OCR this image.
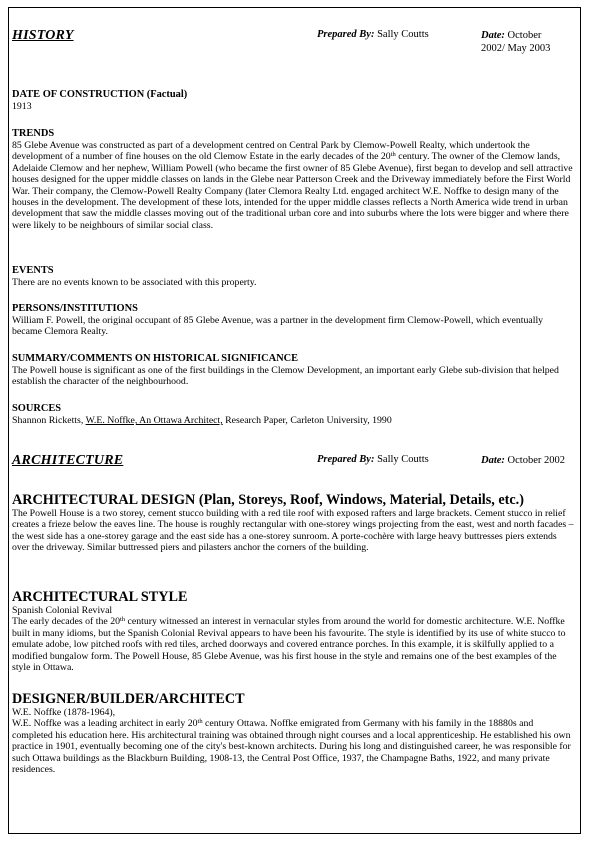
HISTORY	Prepared By: Sally Coutts	Date: October
2002/ May 2003
DATE OF CONSTRUCTION (Factual)

1913

TRENDS

85 Glebe Avenue was constructed as part of a development centred on Central Park by Clemow-Powell Realty, which undertook the development of a number of fine houses on the old Clemow Estate in the early decades of the 20th century. The owner of the Clemow lands, Adelaide Clemow and her nephew, William Powell (who became the first owner of 85 Glebe Avenue), first began to develop and sell attractive houses designed for the upper middle classes on lands in the Glebe near Patterson Creek and the Driveway immediately before the First World War. Their company, the Clemow-Powell Realty Company (later Clemora Realty Ltd. engaged architect W.E. Noffke to design many of the houses in the development. The development of these lots, intended for the upper middle classes reflects a North America wide trend in urban development that saw the middle classes moving out of the traditional urban core and into suburbs where the lots were bigger and where there were likely to be neighbours of similar social class.

EVENTS

There are no events known to be associated with this property.

PERSONS/INSTITUTIONS

William F. Powell, the original occupant of 85 Glebe Avenue, was a partner in the development firm Clemow-Powell, which eventually became Clemora Realty.

SUMMARY/COMMENTS ON HISTORICAL SIGNIFICANCE

The Powell house is significant as one of the first buildings in the Clemow Development, an important early Glebe sub-division that helped establish the character of the neighbourhood.

SOURCES

Shannon Ricketts, W.E. Noffke, An Ottawa Architect, Research Paper, Carleton University, 1990

ARCHITECTURE	Prepared By: Sally Coutts	Date: October 2002
ARCHITECTURAL DESIGN (Plan, Storeys, Roof, Windows, Material, Details, etc.)

The Powell House is a two storey, cement stucco building with a red tile roof with exposed rafters and large brackets. Cement stucco in relief creates a frieze below the eaves line. The house is roughly rectangular with one-storey wings projecting from the east, west and north facades – the west side has a one-storey garage and the east side has a one-storey sunroom. A porte-cochère with large heavy buttresses piers extends over the driveway. Similar buttressed piers and pilasters anchor the corners of the building.

ARCHITECTURAL STYLE

Spanish Colonial Revival

The early decades of the 20th century witnessed an interest in vernacular styles from around the world for domestic architecture. W.E. Noffke built in many idioms, but the Spanish Colonial Revival appears to have been his favourite. The style is identified by its use of white stucco to emulate adobe, low pitched roofs with red tiles, arched doorways and covered entrance porches. In this example, it is skilfully applied to a modified bungalow form. The Powell House, 85 Glebe Avenue, was his first house in the style and remains one of the best examples of the style in Ottawa.

DESIGNER/BUILDER/ARCHITECT

W.E. Noffke (1878-1964),

W.E. Noffke was a leading architect in early 20th century Ottawa. Noffke emigrated from Germany with his family in the 18880s and completed his education here. His architectural training was obtained through night courses and a local apprenticeship. He established his own practice in 1901, eventually becoming one of the city's best-known architects. During his long and distinguished career, he was responsible for such Ottawa buildings as the Blackburn Building, 1908-13, the Central Post Office, 1937, the Champagne Baths, 1922, and many private residences.
